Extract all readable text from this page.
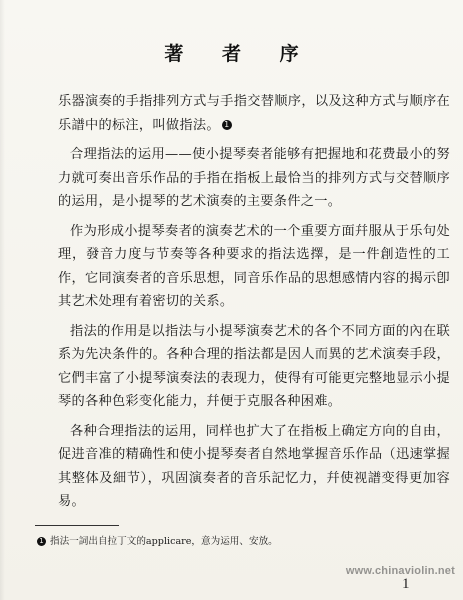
著 者 序

乐器演奏的手指排列方式与手指交替顺序，以及这种方式与顺序在乐譜中的标注，叫做指法。 1

合理指法的运用——使小提琴奏者能够有把握地和花费最小的努力就可奏出音乐作品的手指在指板上最恰当的排列方式与交替顺序的运用，是小提琴的艺术演奏的主要条件之一。

作为形成小提琴奏者的演奏艺术的一个重要方面幷服从于乐句处理，發音力度与节奏等各种要求的指法选擇，是一件創造性的工作，它同演奏者的音乐思想，同音乐作品的思想感情内容的揭示卽其艺术处理有着密切的关系。

指法的作用是以指法与小提琴演奏艺术的各个不同方面的內在联系为先决条件的。各种合理的指法都是因人而異的艺术演奏手段，它們丰富了小提琴演奏法的表现力，使得有可能更完整地显示小提琴的各种色彩变化能力，幷便于克服各种困难。

各种合理指法的运用，同样也扩大了在指板上确定方向的自由，促进音准的精确性和使小提琴奏者自然地掌握音乐作品（迅速掌握其整体及細节），巩固演奏者的音乐記忆力，幷使视譜变得更加容易。

1 指法一詞出自拉丁文的applicare，意为运用、安放。
www.chinaviolin.net
1
